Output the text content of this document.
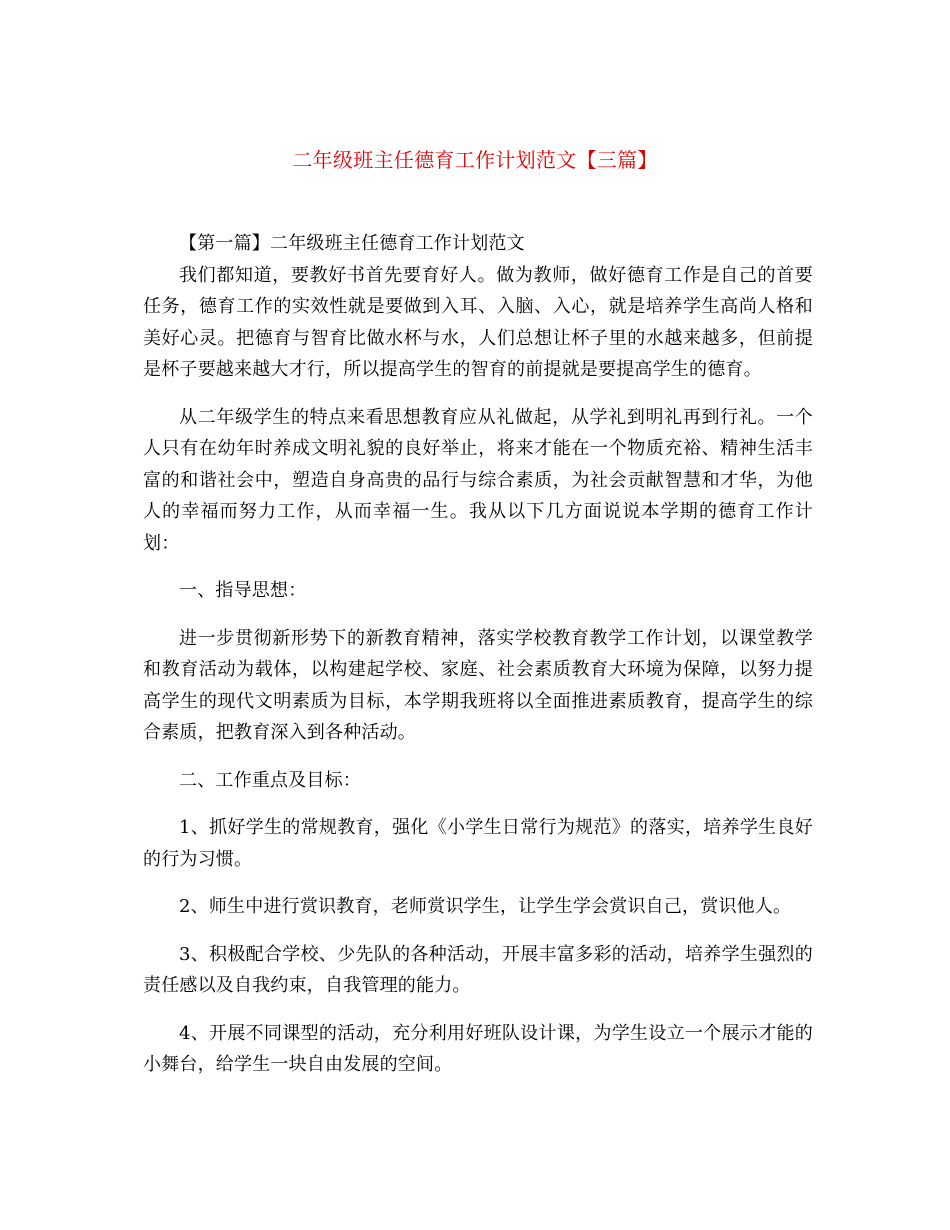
二年级班主任德育工作计划范文【三篇】

【第一篇】二年级班主任德育工作计划范文

我们都知道，要教好书首先要育好人。做为教师，做好德育工作是自己的首要任务，德育工作的实效性就是要做到入耳、入脑、入心，就是培养学生高尚人格和美好心灵。把德育与智育比做水杯与水，人们总想让杯子里的水越来越多，但前提是杯子要越来越大才行，所以提高学生的智育的前提就是要提高学生的德育。

从二年级学生的特点来看思想教育应从礼做起，从学礼到明礼再到行礼。一个人只有在幼年时养成文明礼貌的良好举止，将来才能在一个物质充裕、精神生活丰富的和谐社会中，塑造自身高贵的品行与综合素质，为社会贡献智慧和才华，为他人的幸福而努力工作，从而幸福一生。我从以下几方面说说本学期的德育工作计划：

一、指导思想：

进一步贯彻新形势下的新教育精神，落实学校教育教学工作计划，以课堂教学和教育活动为载体，以构建起学校、家庭、社会素质教育大环境为保障，以努力提高学生的现代文明素质为目标，本学期我班将以全面推进素质教育，提高学生的综合素质，把教育深入到各种活动。

二、工作重点及目标：

1、抓好学生的常规教育，强化《小学生日常行为规范》的落实，培养学生良好的行为习惯。

2、师生中进行赏识教育，老师赏识学生，让学生学会赏识自己，赏识他人。

3、积极配合学校、少先队的各种活动，开展丰富多彩的活动，培养学生强烈的责任感以及自我约束，自我管理的能力。

4、开展不同课型的活动，充分利用好班队设计课，为学生设立一个展示才能的小舞台，给学生一块自由发展的空间。
